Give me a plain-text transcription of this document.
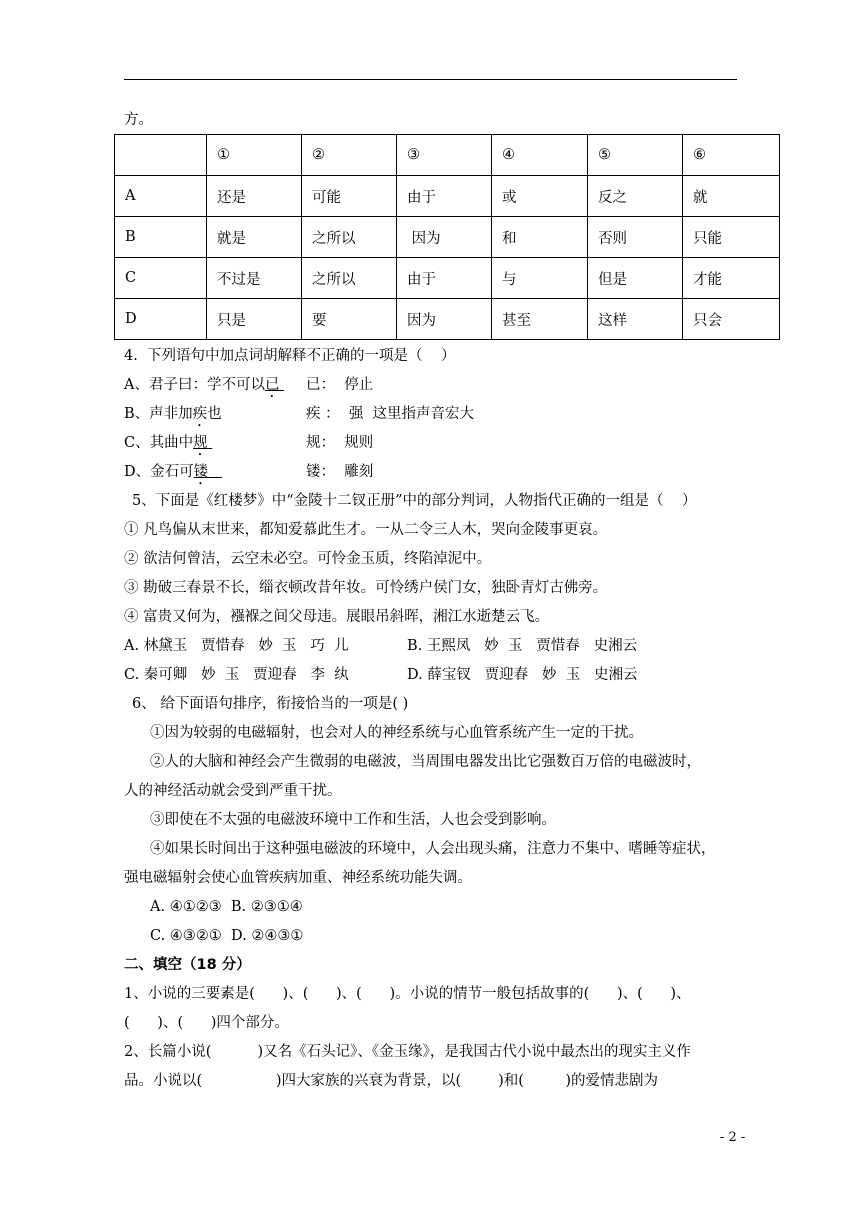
方。
	①	②	③	④	⑤	⑥
A	还是	可能	由于	或	反之	就
B	就是	之所以	因为	和	否则	只能
C	不过是	之所以	由于	与	但是	才能
D	只是	要	因为	甚至	这样	只会
4.  下列语句中加点词胡解释不正确的一项是（    ）
A、君子曰：学不可以已	已：  停止
B、声非加疾也	疾 ：  强  这里指声音宏大
C、其曲中规	规：  规则
D、金石可镂	镂：  雕刻
5、下面是《红楼梦》中“金陵十二钗正册”中的部分判词，人物指代正确的一组是（    ）
① 凡鸟偏从末世来，都知爱慕此生才。一从二令三人木，哭向金陵事更哀。
② 欲洁何曾洁，云空未必空。可怜金玉质，终陷淖泥中。
③ 勘破三春景不长，缁衣顿改昔年妆。可怜绣户侯门女，独卧青灯古佛旁。
④ 富贵又何为，襁褓之间父母违。展眼吊斜晖，湘江水逝楚云飞。
A. 林黛玉   贾惜春   妙  玉   巧  儿	B. 王熙凤   妙  玉   贾惜春   史湘云
C. 秦可卿   妙  玉   贾迎春   李  纨	D. 薛宝钗   贾迎春   妙  玉   史湘云
6、 给下面语句排序，衔接恰当的一项是( )
①因为较弱的电磁辐射，也会对人的神经系统与心血管系统产生一定的干扰。
②人的大脑和神经会产生微弱的电磁波，当周围电器发出比它强数百万倍的电磁波时，
人的神经活动就会受到严重干扰。
③即使在不太强的电磁波环境中工作和生活，人也会受到影响。
④如果长时间出于这种强电磁波的环境中，人会出现头痛，注意力不集中、嗜睡等症状，
强电磁辐射会使心血管疾病加重、神经系统功能失调。
A. ④①②③  B. ②③①④
C. ④③②①  D. ②④③①
二、填空（18 分）
1、小说的三要素是(      )、(      )、(      )。小说的情节一般包括故事的(      )、(      )、
(      )、(      )四个部分。
2、长篇小说(          )又名《石头记》、《金玉缘》，是我国古代小说中最杰出的现实主义作
品。小说以(                )四大家族的兴衰为背景，以(        )和(         )的爱情悲剧为
- 2 -
